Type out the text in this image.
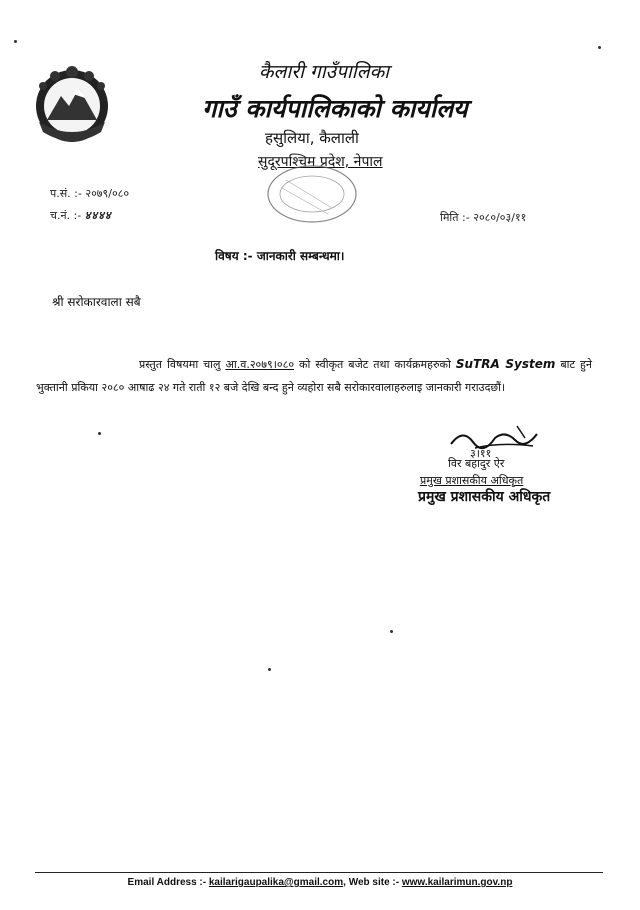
कैलारी गाउँपालिका
गाउँ कार्यपालिकाको कार्यालय
हसुलिया, कैलाली
सुदूरपश्चिम प्रदेश, नेपाल
प.सं. :- २०७९/०८०
च.नं. :- ४४४४	मिति :- २०८०/०३/११
विषय :- जानकारी सम्बन्धमा।
श्री सरोकारवाला सबै
प्रस्तुत विषयमा चालु आ.व.२०७९।०८० को स्वीकृत बजेट तथा कार्यक्रमहरुको SuTRA System बाट हुने भुक्तानी प्रकिया २०८० आषाढ २४ गते राती १२ बजे देखि बन्द हुने व्यहोरा सबै सरोकारवालाहरुलाइ जानकारी गराउदछौं।
३।११
विर बहादुर ऐर
प्रमुख प्रशासकीय अधिकृत
प्रमुख प्रशासकीय अधिकृत
Email Address :- kailarigaupalika@gmail.com, Web site :- www.kailarimun.gov.np
